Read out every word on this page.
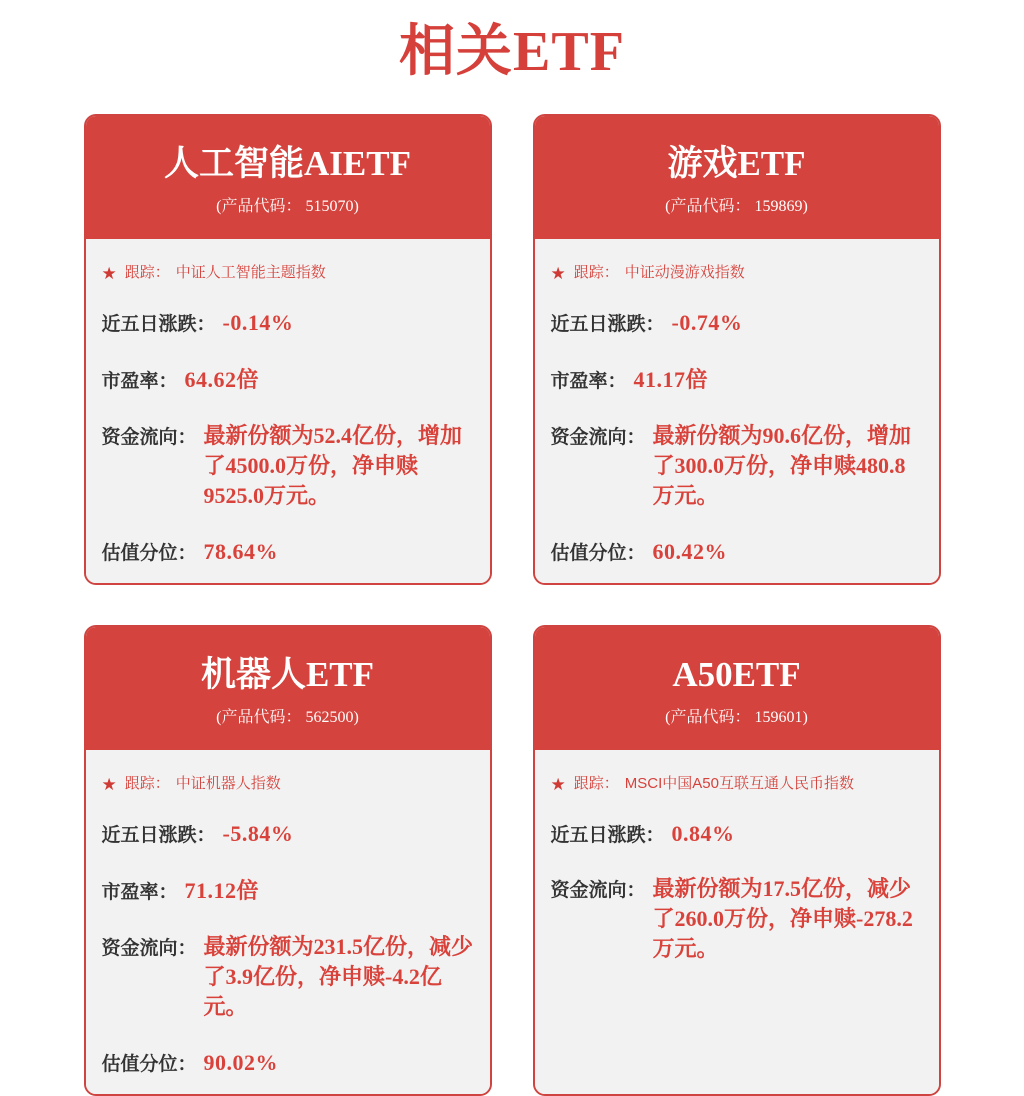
相关ETF
人工智能AIETF
(产品代码： 515070)
★ 跟踪： 中证人工智能主题指数
近五日涨跌： -0.14%
市盈率： 64.62倍
资金流向： 最新份额为52.4亿份，增加了4500.0万份，净申赎9525.0万元。
估值分位： 78.64%
游戏ETF
(产品代码： 159869)
★ 跟踪： 中证动漫游戏指数
近五日涨跌： -0.74%
市盈率： 41.17倍
资金流向： 最新份额为90.6亿份，增加了300.0万份，净申赎480.8万元。
估值分位： 60.42%
机器人ETF
(产品代码： 562500)
★ 跟踪： 中证机器人指数
近五日涨跌： -5.84%
市盈率： 71.12倍
资金流向： 最新份额为231.5亿份，减少了3.9亿份，净申赎-4.2亿元。
估值分位： 90.02%
A50ETF
(产品代码： 159601)
★ 跟踪： MSCI中国A50互联互通人民币指数
近五日涨跌： 0.84%
资金流向： 最新份额为17.5亿份，减少了260.0万份，净申赎-278.2万元。
